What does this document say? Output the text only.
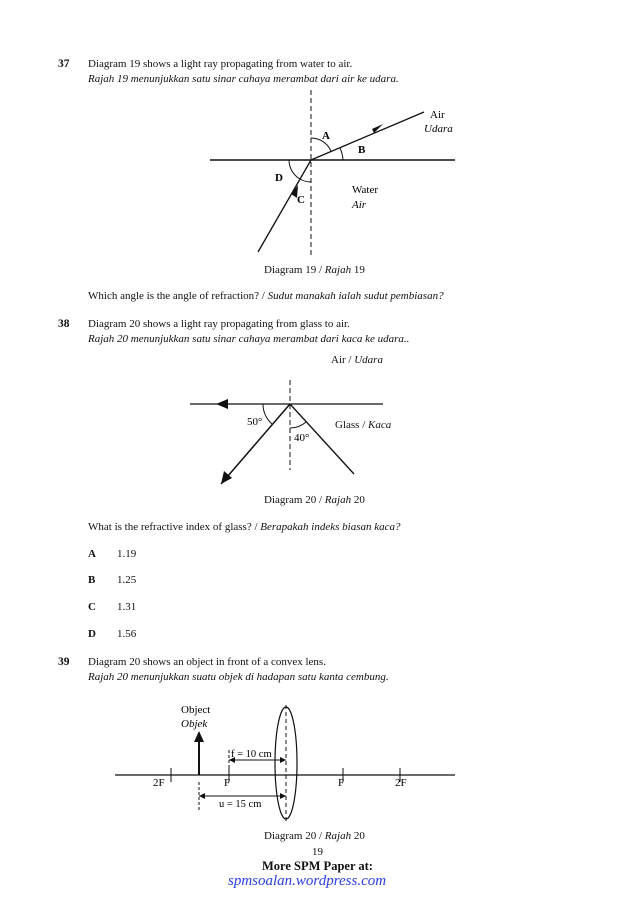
37 Diagram 19 shows a light ray propagating from water to air.
Rajah 19 menunjukkan satu sinar cahaya merambat dari air ke udara.
A
B
C
D
Air
Udara
Water
Air
50°
40°
f = 10 cm
u = 15 cm
2F	F	F	2F
Object
Objek
Diagram 19 / Rajah 19
Which angle is the angle of refraction? / Sudut manakah ialah sudut pembiasan?
38 Diagram 20 shows a light ray propagating from glass to air.
Rajah 20 menunjukkan satu sinar cahaya merambat dari kaca ke udara..
Air / Udara
Glass / Kaca
Diagram 20 / Rajah 20
What is the refractive index of glass? / Berapakah indeks biasan kaca?
A 1.19
B 1.25
C 1.31
D 1.56
39 Diagram 20 shows an object in front of a convex lens.
Rajah 20 menunjukkan suatu objek di hadapan satu kanta cembung.
Diagram 20 / Rajah 20
19
More SPM Paper at:
spmsoalan.wordpress.com
